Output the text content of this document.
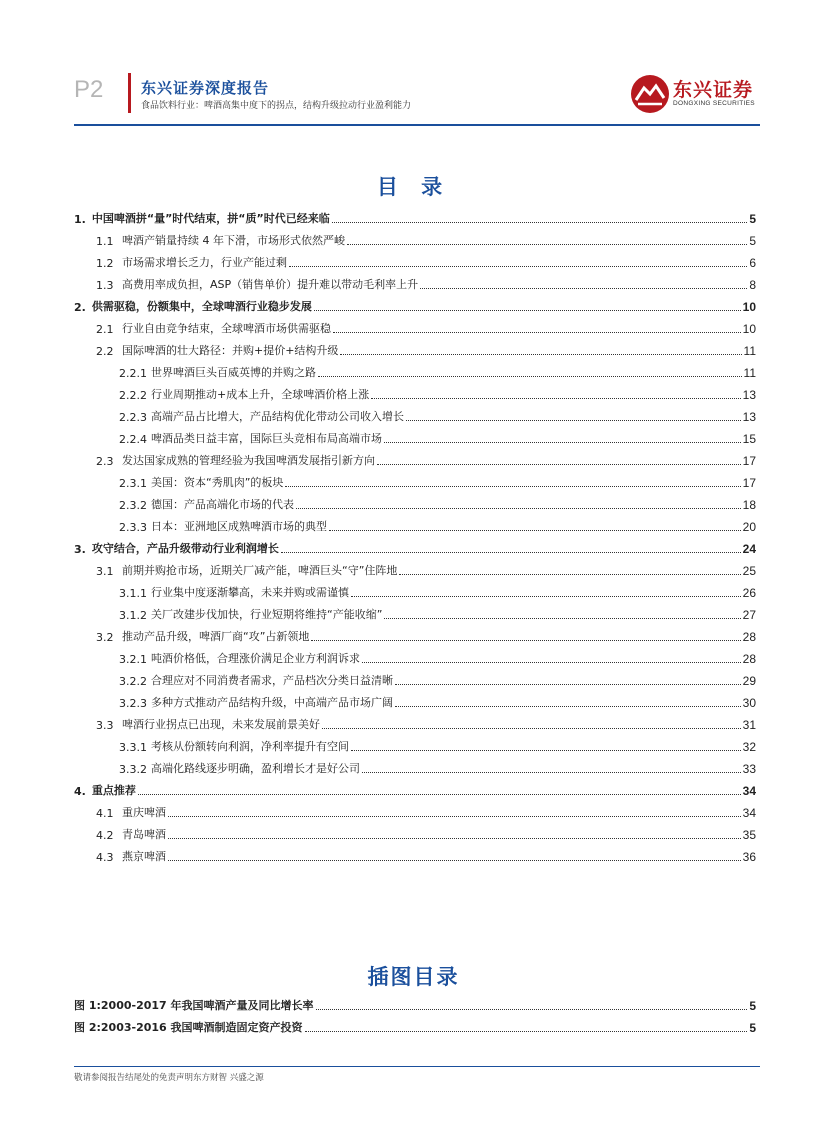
P2	东兴证券深度报告
食品饮料行业：啤酒高集中度下的拐点，结构升级拉动行业盈利能力
东兴证券
DONGXING SECURITIES
目 录
1. 中国啤酒拼“量”时代结束，拼“质”时代已经来临	5
1.1 啤酒产销量持续 4 年下滑，市场形式依然严峻	5
1.2 市场需求增长乏力，行业产能过剩	6
1.3 高费用率成负担，ASP（销售单价）提升难以带动毛利率上升	8
2. 供需驱稳，份额集中，全球啤酒行业稳步发展	10
2.1 行业自由竞争结束，全球啤酒市场供需驱稳	10
2.2 国际啤酒的壮大路径：并购+提价+结构升级	11
2.2.1 世界啤酒巨头百威英博的并购之路	11
2.2.2 行业周期推动+成本上升，全球啤酒价格上涨	13
2.2.3 高端产品占比增大，产品结构优化带动公司收入增长	13
2.2.4 啤酒品类日益丰富，国际巨头竞相布局高端市场	15
2.3 发达国家成熟的管理经验为我国啤酒发展指引新方向	17
2.3.1 美国：资本“秀肌肉”的板块	17
2.3.2 德国：产品高端化市场的代表	18
2.3.3 日本：亚洲地区成熟啤酒市场的典型	20
3. 攻守结合，产品升级带动行业利润增长	24
3.1 前期并购抢市场，近期关厂减产能，啤酒巨头“守”住阵地	25
3.1.1 行业集中度逐渐攀高，未来并购或需谨慎	26
3.1.2 关厂改建步伐加快，行业短期将维持“产能收缩”	27
3.2 推动产品升级，啤酒厂商“攻”占新领地	28
3.2.1 吨酒价格低，合理涨价满足企业方利润诉求	28
3.2.2 合理应对不同消费者需求，产品档次分类日益清晰	29
3.2.3 多种方式推动产品结构升级，中高端产品市场广阔	30
3.3 啤酒行业拐点已出现，未来发展前景美好	31
3.3.1 考核从份额转向利润，净利率提升有空间	32
3.3.2 高端化路线逐步明确，盈利增长才是好公司	33
4. 重点推荐	34
4.1 重庆啤酒	34
4.2 青岛啤酒	35
4.3 燕京啤酒	36
插图目录
图 1:2000-2017 年我国啤酒产量及同比增长率	5
图 2:2003-2016 我国啤酒制造固定资产投资	5
敬请参阅报告结尾处的免责声明东方财智 兴盛之源
